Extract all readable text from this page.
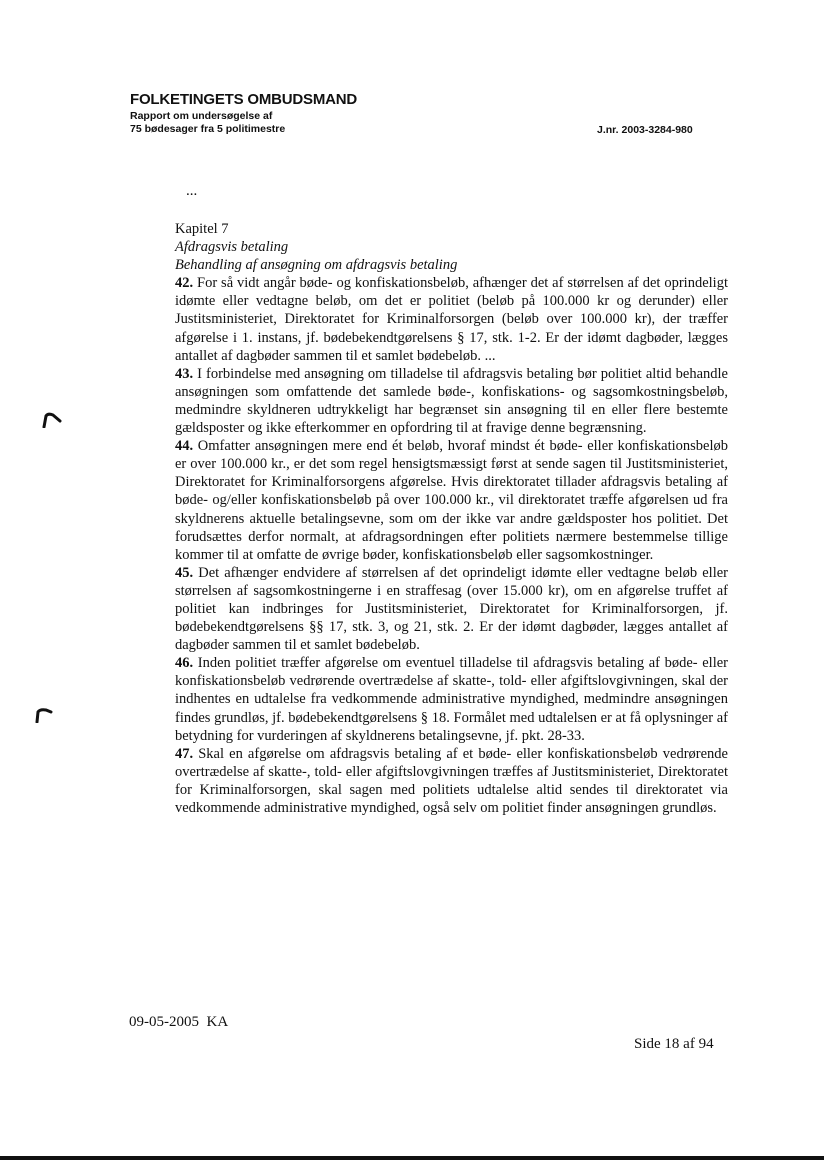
FOLKETINGETS OMBUDSMAND
Rapport om undersøgelse af
75 bødesager fra 5 politimestre	J.nr. 2003-3284-980
...

Kapitel 7

Afdragsvis betaling

Behandling af ansøgning om afdragsvis betaling

42. For så vidt angår bøde- og konfiskationsbeløb, afhænger det af størrelsen af det oprindeligt idømte eller vedtagne beløb, om det er politiet (beløb på 100.000 kr og derunder) eller Justitsministeriet, Direktoratet for Kriminalforsorgen (beløb over 100.000 kr), der træffer afgørelse i 1. instans, jf. bødebekendtgørelsens § 17, stk. 1-2. Er der idømt dagbøder, lægges antallet af dagbøder sammen til et samlet bødebeløb. ...

43. I forbindelse med ansøgning om tilladelse til afdragsvis betaling bør politiet altid behandle ansøgningen som omfattende det samlede bøde-, konfiskations- og sagsomkostningsbeløb, medmindre skyldneren udtrykkeligt har begrænset sin ansøgning til en eller flere bestemte gældsposter og ikke efterkommer en opfordring til at fravige denne begrænsning.

44. Omfatter ansøgningen mere end ét beløb, hvoraf mindst ét bøde- eller konfiskationsbeløb er over 100.000 kr., er det som regel hensigtsmæssigt først at sende sagen til Justitsministeriet, Direktoratet for Kriminalforsorgens afgørelse. Hvis direktoratet tillader afdragsvis betaling af bøde- og/eller konfiskationsbeløb på over 100.000 kr., vil direktoratet træffe afgørelsen ud fra skyldnerens aktuelle betalingsevne, som om der ikke var andre gældsposter hos politiet. Det forudsættes derfor normalt, at afdragsordningen efter politiets nærmere bestemmelse tillige kommer til at omfatte de øvrige bøder, konfiskationsbeløb eller sagsomkostninger.

45. Det afhænger endvidere af størrelsen af det oprindeligt idømte eller vedtagne beløb eller størrelsen af sagsomkostningerne i en straffesag (over 15.000 kr), om en afgørelse truffet af politiet kan indbringes for Justitsministeriet, Direktoratet for Kriminalforsorgen, jf. bødebekendtgørelsens §§ 17, stk. 3, og 21, stk. 2. Er der idømt dagbøder, lægges antallet af dagbøder sammen til et samlet bødebeløb.

46. Inden politiet træffer afgørelse om eventuel tilladelse til afdragsvis betaling af bøde- eller konfiskationsbeløb vedrørende overtrædelse af skatte-, told- eller afgiftslovgivningen, skal der indhentes en udtalelse fra vedkommende administrative myndighed, medmindre ansøgningen findes grundløs, jf. bødebekendtgørelsens § 18. Formålet med udtalelsen er at få oplysninger af betydning for vurderingen af skyldnerens betalingsevne, jf. pkt. 28-33.

47. Skal en afgørelse om afdragsvis betaling af et bøde- eller konfiskationsbeløb vedrørende overtrædelse af skatte-, told- eller afgiftslovgivningen træffes af Justitsministeriet, Direktoratet for Kriminalforsorgen, skal sagen med politiets udtalelse altid sendes til direktoratet via vedkommende administrative myndighed, også selv om politiet finder ansøgningen grundløs.

09-05-2005  KA
Side 18 af 94
